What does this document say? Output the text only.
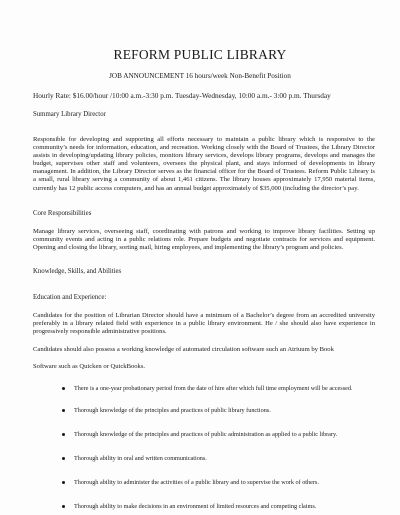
REFORM PUBLIC LIBRARY
JOB ANNOUNCEMENT 16 hours/week Non-Benefit Position
Hourly Rate: $16.00/hour /10:00 a.m.-3:30 p.m. Tuesday-Wednesday, 10:00 a.m.- 3:00 p.m. Thursday
Summary Library Director
Responsible for developing and supporting all efforts necessary to maintain a public library which is responsive to the community’s needs for information, education, and recreation. Working closely with the Board of Trustees, the Library Director assists in developing/updating library policies, monitors library services, develops library programs, develops and manages the budget, supervises other staff and volunteers, oversees the physical plant, and stays informed of developments in library management. In addition, the Library Director serves as the financial officer for the Board of Trustees. Reform Public Library is a small, rural library serving a community of about 1,461 citizens. The library houses approximately 17,950 material items, currently has 12 public access computers, and has an annual budget approximately of $35,000 (including the director’s pay.
Core Responsibilities
Manage library services, overseeing staff, coordinating with patrons and working to improve library facilities. Setting up community events and acting in a public relations role. Prepare budgets and negotiate contracts for services and equipment. Opening and closing the library, sorting mail, hiring employees, and implementing the library’s program and policies.
Knowledge, Skills, and Abilities
Education and Experience:
Candidates for the position of Librarian Director should have a minimum of a Bachelor’s degree from an accredited university preferably in a library related field with experience in a public library environment. He / she should also have experience in progressively responsible administrative positions.
Candidates should also possess a working knowledge of automated circulation software such an Atriuum by Book
Software such as Quicken or QuickBooks.
There is a one-year probationary period from the date of hire after which full time employment will be accessed.
Thorough knowledge of the principles and practices of public library functions.
Thorough knowledge of the principles and practices of public administration as applied to a public library.
Thorough ability in oral and written communications.
Thorough ability to administer the activities of a public library and to supervise the work of others.
Thorough ability to make decisions in an environment of limited resources and competing claims.
